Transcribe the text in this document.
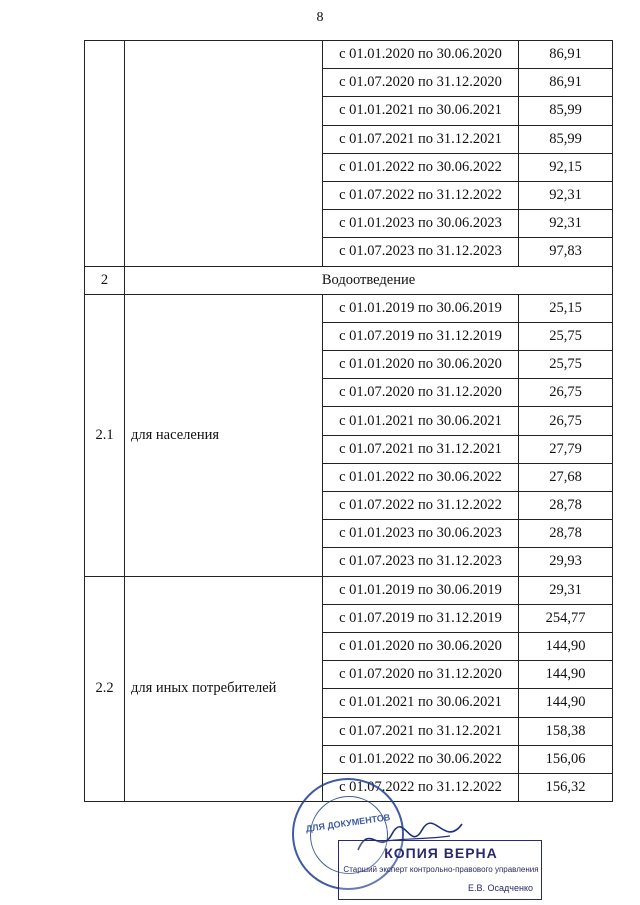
8
		с 01.01.2020 по 30.06.2020	86,91
		с 01.07.2020 по 31.12.2020	86,91
		с 01.01.2021 по 30.06.2021	85,99
		с 01.07.2021 по 31.12.2021	85,99
		с 01.01.2022 по 30.06.2022	92,15
		с 01.07.2022 по 31.12.2022	92,31
		с 01.01.2023 по 30.06.2023	92,31
		с 01.07.2023 по 31.12.2023	97,83
2	Водоотведение		
2.1	для населения	с 01.01.2019 по 30.06.2019	25,15
		с 01.07.2019 по 31.12.2019	25,75
		с 01.01.2020 по 30.06.2020	25,75
		с 01.07.2020 по 31.12.2020	26,75
		с 01.01.2021 по 30.06.2021	26,75
		с 01.07.2021 по 31.12.2021	27,79
		с 01.01.2022 по 30.06.2022	27,68
		с 01.07.2022 по 31.12.2022	28,78
		с 01.01.2023 по 30.06.2023	28,78
		с 01.07.2023 по 31.12.2023	29,93
2.2	для иных потребителей	с 01.01.2019 по 30.06.2019	29,31
		с 01.07.2019 по 31.12.2019	254,77
		с 01.01.2020 по 30.06.2020	144,90
		с 01.07.2020 по 31.12.2020	144,90
		с 01.01.2021 по 30.06.2021	144,90
		с 01.07.2021 по 31.12.2021	158,38
		с 01.01.2022 по 30.06.2022	156,06
		с 01.07.2022 по 31.12.2022	156,32
ДЛЯ ДОКУМЕНТОВ
КОПИЯ ВЕРНА
Старший эксперт контрольно-правового управления
Е.В. Осадченко
